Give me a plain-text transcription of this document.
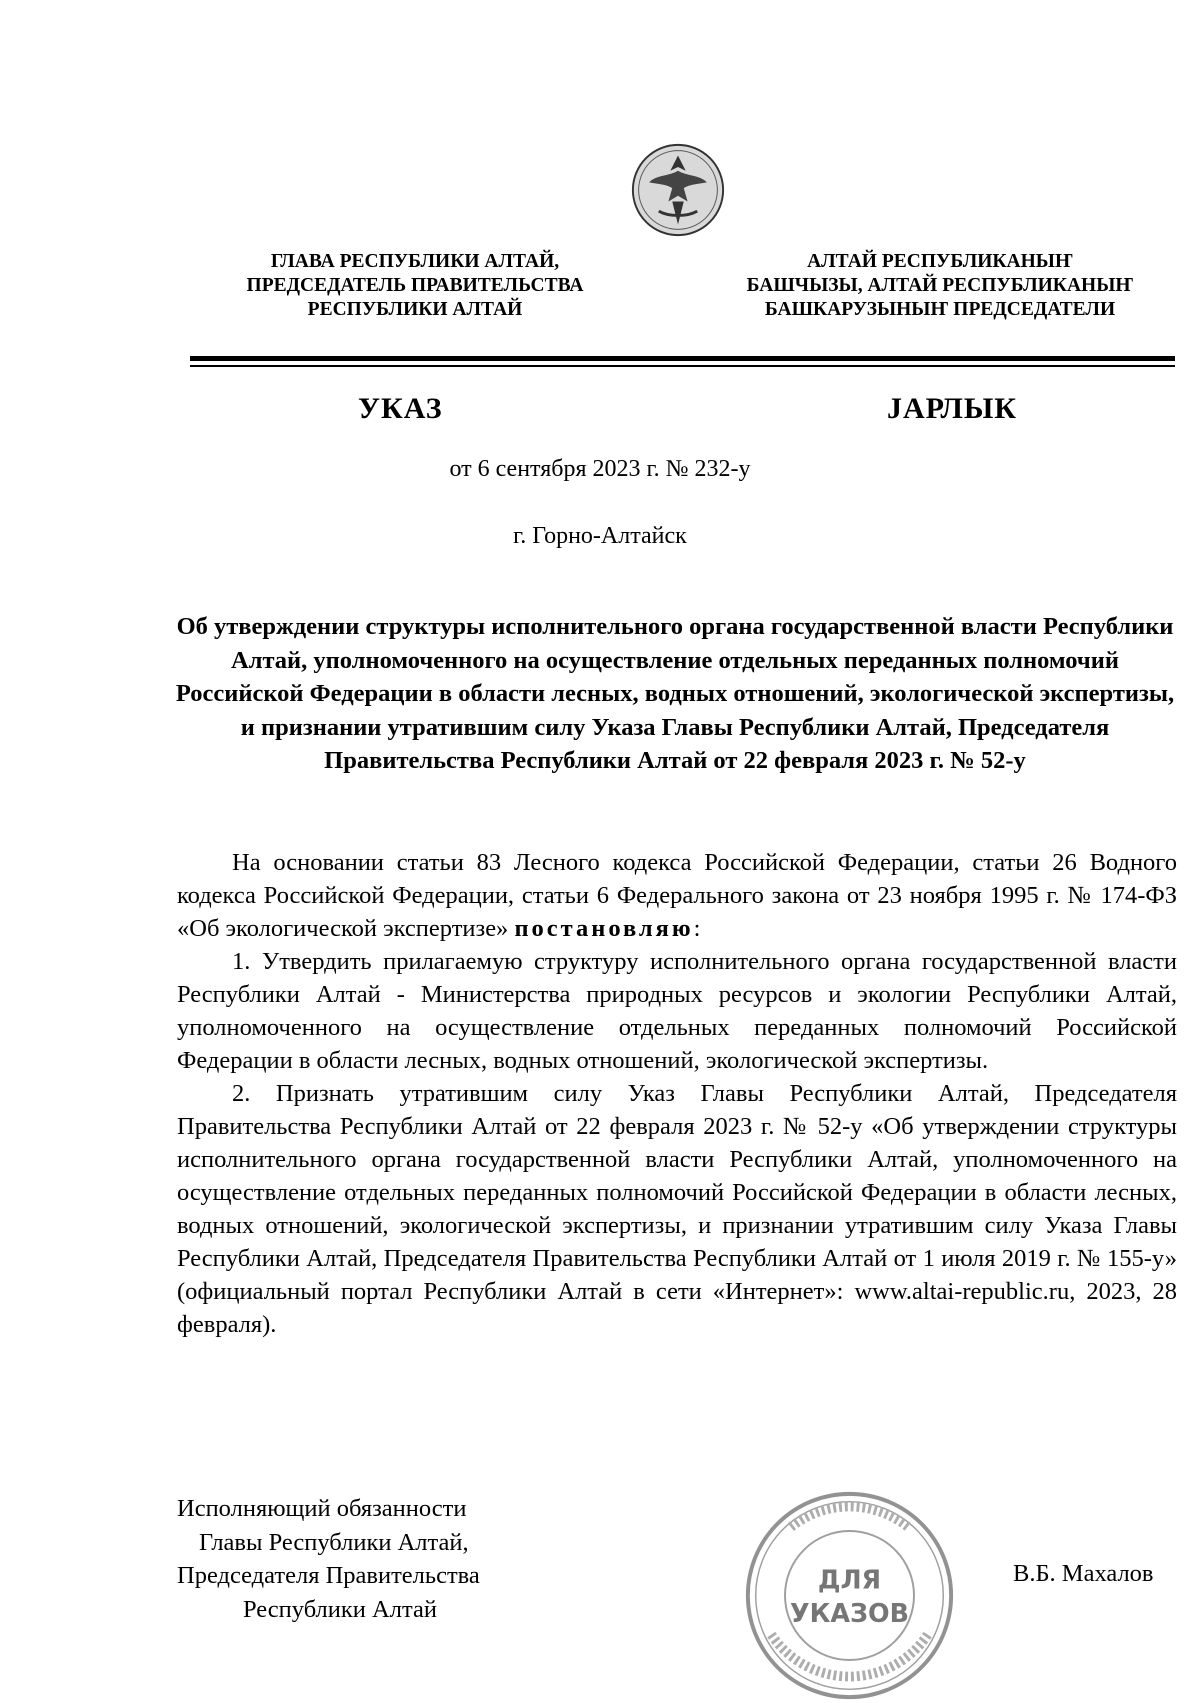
ГЛАВА РЕСПУБЛИКИ АЛТАЙ,
ПРЕДСЕДАТЕЛЬ ПРАВИТЕЛЬСТВА
РЕСПУБЛИКИ АЛТАЙ
АЛТАЙ РЕСПУБЛИКАНЫҤ
БАШЧЫЗЫ, АЛТАЙ РЕСПУБЛИКАНЫҤ
БАШКАРУЗЫНЫҤ ПРЕДСЕДАТЕЛИ
УКАЗ	JАРЛЫК
от 6 сентября 2023 г. № 232-у
г. Горно-Алтайск
Об утверждении структуры исполнительного органа государственной власти Республики Алтай, уполномоченного на осуществление отдельных переданных полномочий Российской Федерации в области лесных, водных отношений, экологической экспертизы, и признании утратившим силу Указа Главы Республики Алтай, Председателя Правительства Республики Алтай от 22 февраля 2023 г. № 52-у

На основании статьи 83 Лесного кодекса Российской Федерации, статьи 26 Водного кодекса Российской Федерации, статьи 6 Федерального закона от 23 ноября 1995 г. № 174-ФЗ «Об экологической экспертизе» постановляю:

1. Утвердить прилагаемую структуру исполнительного органа государственной власти Республики Алтай - Министерства природных ресурсов и экологии Республики Алтай, уполномоченного на осуществление отдельных переданных полномочий Российской Федерации в области лесных, водных отношений, экологической экспертизы.

2. Признать утратившим силу Указ Главы Республики Алтай, Председателя Правительства Республики Алтай от 22 февраля 2023 г. № 52-у «Об утверждении структуры исполнительного органа государственной власти Республики Алтай, уполномоченного на осуществление отдельных переданных полномочий Российской Федерации в области лесных, водных отношений, экологической экспертизы, и признании утратившим силу Указа Главы Республики Алтай, Председателя Правительства Республики Алтай от 1 июля 2019 г. № 155-у» (официальный портал Республики Алтай в сети «Интернет»: www.altai-republic.ru, 2023, 28 февраля).

Исполняющий обязанности
Главы Республики Алтай,
Председателя Правительства
Республики Алтай
ДЛЯ
УКАЗОВ
В.Б. Махалов
